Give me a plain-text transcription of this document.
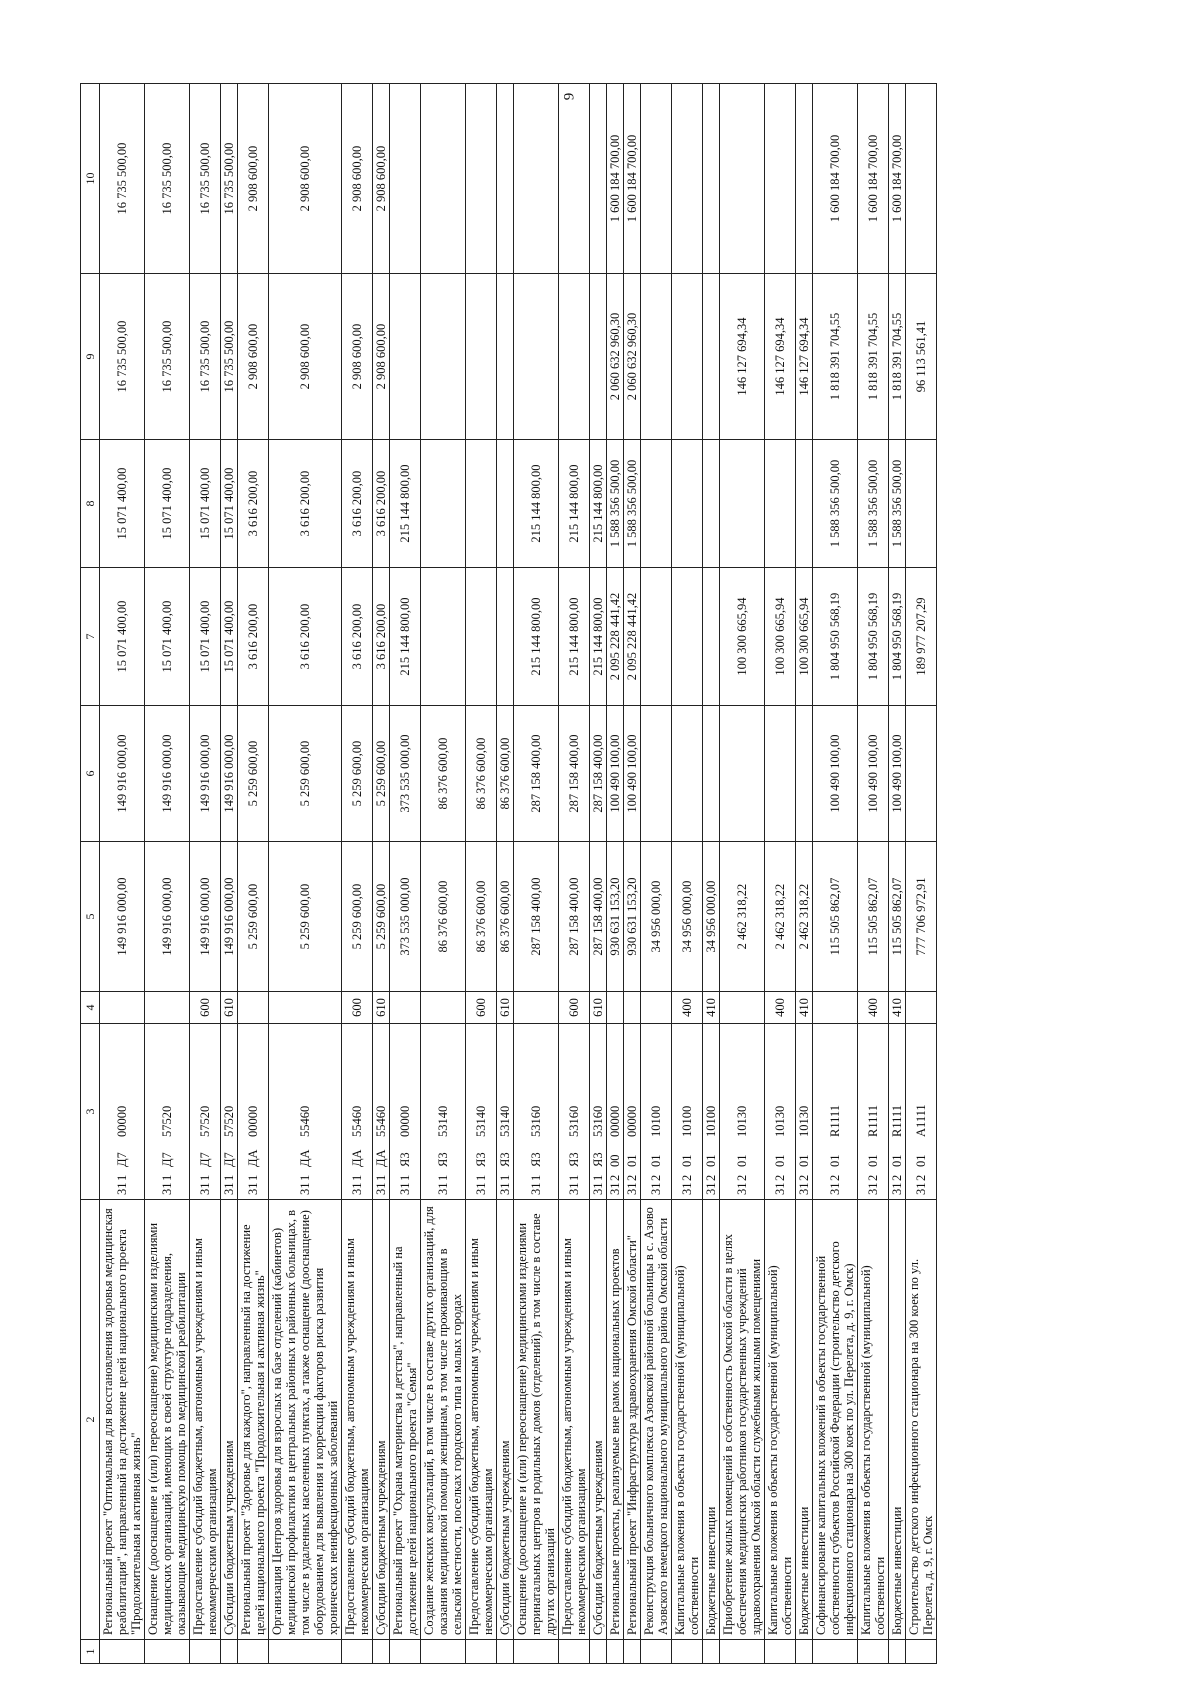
9
1	2	3	4	5	6	7	8	9	10
	Региональный проект "Оптимальная для восстановления здоровья медицинская реабилитация", направленный на достижение целей национального проекта "Продолжительная и активная жизнь"	311Д700000		149 916 000,00	149 916 000,00	15 071 400,00	15 071 400,00	16 735 500,00	16 735 500,00
	Оснащение (дооснащение и (или) переоснащение) медицинскими изделиями медицинских организаций, имеющих в своей структуре подразделения, оказывающие медицинскую помощь по медицинской реабилитации	311Д757520		149 916 000,00	149 916 000,00	15 071 400,00	15 071 400,00	16 735 500,00	16 735 500,00
	Предоставление субсидий бюджетным, автономным учреждениям и иным некоммерческим организациям	311Д757520	600	149 916 000,00	149 916 000,00	15 071 400,00	15 071 400,00	16 735 500,00	16 735 500,00
	Субсидии бюджетным учреждениям	311Д757520	610	149 916 000,00	149 916 000,00	15 071 400,00	15 071 400,00	16 735 500,00	16 735 500,00
	Региональный проект "Здоровье для каждого", направленный на достижение целей национального проекта "Продолжительная и активная жизнь"	311ДА00000		5 259 600,00	5 259 600,00	3 616 200,00	3 616 200,00	2 908 600,00	2 908 600,00
	Организация Центров здоровья для взрослых на базе отделений (кабинетов) медицинской профилактики в центральных районных и районных больницах, в том числе в удаленных населенных пунктах, а также оснащение (дооснащение) оборудованием для выявления и коррекции факторов риска развития хронических неинфекционных заболеваний	311ДА55460		5 259 600,00	5 259 600,00	3 616 200,00	3 616 200,00	2 908 600,00	2 908 600,00
	Предоставление субсидий бюджетным, автономным учреждениям и иным некоммерческим организациям	311ДА55460	600	5 259 600,00	5 259 600,00	3 616 200,00	3 616 200,00	2 908 600,00	2 908 600,00
	Субсидии бюджетным учреждениям	311ДА55460	610	5 259 600,00	5 259 600,00	3 616 200,00	3 616 200,00	2 908 600,00	2 908 600,00
	Региональный проект "Охрана материнства и детства", направленный на достижение целей национального проекта "Семья"	311Я300000		373 535 000,00	373 535 000,00	215 144 800,00	215 144 800,00		
	Создание женских консультаций, в том числе в составе других организаций, для оказания медицинской помощи женщинам, в том числе проживающим в сельской местности, поселках городского типа и малых городах	311Я353140		86 376 600,00	86 376 600,00				
	Предоставление субсидий бюджетным, автономным учреждениям и иным некоммерческим организациям	311Я353140	600	86 376 600,00	86 376 600,00				
	Субсидии бюджетным учреждениям	311Я353140	610	86 376 600,00	86 376 600,00				
	Оснащение (дооснащение и (или) переоснащение) медицинскими изделиями перинатальных центров и родильных домов (отделений), в том числе в составе других организаций	311Я353160		287 158 400,00	287 158 400,00	215 144 800,00	215 144 800,00		
	Предоставление субсидий бюджетным, автономным учреждениям и иным некоммерческим организациям	311Я353160	600	287 158 400,00	287 158 400,00	215 144 800,00	215 144 800,00		
	Субсидии бюджетным учреждениям	311Я353160	610	287 158 400,00	287 158 400,00	215 144 800,00	215 144 800,00		
	Региональные проекты, реализуемые вне рамок национальных проектов	3120000000		930 631 153,20	100 490 100,00	2 095 228 441,42	1 588 356 500,00	2 060 632 960,30	1 600 184 700,00
	Региональный проект "Инфраструктура здравоохранения Омской области"	3120100000		930 631 153,20	100 490 100,00	2 095 228 441,42	1 588 356 500,00	2 060 632 960,30	1 600 184 700,00
	Реконструкция больничного комплекса Азовской районной больницы в с. Азово Азовского немецкого национального муниципального района Омской области	3120110100		34 956 000,00					
	Капитальные вложения в объекты государственной (муниципальной) собственности	3120110100	400	34 956 000,00					
	Бюджетные инвестиции	3120110100	410	34 956 000,00					
	Приобретение жилых помещений в собственность Омской области в целях обеспечения медицинских работников государственных учреждений здравоохранения Омской области служебными жилыми помещениями	3120110130		2 462 318,22		100 300 665,94		146 127 694,34	
	Капитальные вложения в объекты государственной (муниципальной) собственности	3120110130	400	2 462 318,22		100 300 665,94		146 127 694,34	
	Бюджетные инвестиции	3120110130	410	2 462 318,22		100 300 665,94		146 127 694,34	
	Софинансирование капитальных вложений в объекты государственной собственности субъектов Российской Федерации (строительство детского инфекционного стационара на 300 коек по ул. Перелета, д. 9, г. Омск)	31201R1111		115 505 862,07	100 490 100,00	1 804 950 568,19	1 588 356 500,00	1 818 391 704,55	1 600 184 700,00
	Капитальные вложения в объекты государственной (муниципальной) собственности	31201R1111	400	115 505 862,07	100 490 100,00	1 804 950 568,19	1 588 356 500,00	1 818 391 704,55	1 600 184 700,00
	Бюджетные инвестиции	31201R1111	410	115 505 862,07	100 490 100,00	1 804 950 568,19	1 588 356 500,00	1 818 391 704,55	1 600 184 700,00
	Строительство детского инфекционного стационара на 300 коек по ул. Перелета, д. 9, г. Омск	31201A1111		777 706 972,91		189 977 207,29		96 113 561,41	
